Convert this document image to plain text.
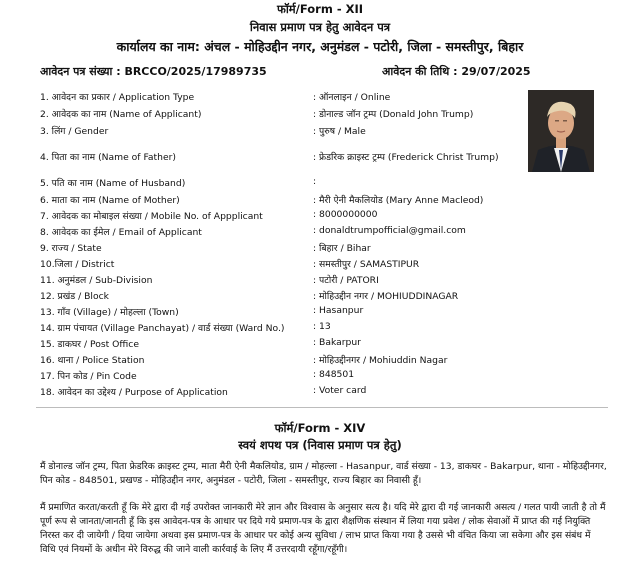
फॉर्म/Form - XII
निवास प्रमाण पत्र हेतु आवेदन पत्र
कार्यालय का नाम: अंचल - मोहिउद्दीन नगर, अनुमंडल - पटोरी, जिला - समस्तीपुर, बिहार
आवेदन पत्र संख्या : BRCCO/2025/17989735	आवेदन की तिथि : 29/07/2025
1. आवेदन का प्रकार / Application Type	: ऑनलाइन / Online
2. आवेदक का नाम (Name of Applicant)	: डोनाल्ड जॉन ट्रम्प (Donald John Trump)
3. लिंग / Gender	: पुरुष / Male
4. पिता का नाम (Name of Father)	: फ्रेडरिक क्राइस्ट ट्रम्प (Frederick Christ Trump)
5. पति का नाम (Name of Husband)	:
6. माता का नाम (Name of Mother)	: मैरी ऐनी मैकलियोड (Mary Anne Macleod)
7. आवेदक का मोबाइल संख्या / Mobile No. of Appplicant	: 8000000000
8. आवेदक का ईमेल / Email of Applicant	: donaldtrumpofficial@gmail.com
9. राज्य / State	: बिहार / Bihar
10.जिला / District	: समस्तीपुर / SAMASTIPUR
11. अनुमंडल / Sub-Division	: पटोरी / PATORI
12. प्रखंड / Block	: मोहिउद्दीन नगर / MOHIUDDINAGAR
13. गाँव (Village) / मोहल्ला (Town)	: Hasanpur
14. ग्राम पंचायत (Village Panchayat) / वार्ड संख्या (Ward No.)	: 13
15. डाकघर / Post Office	: Bakarpur
16. थाना / Police Station	: मोहिउद्दीनगर / Mohiuddin Nagar
17. पिन कोड / Pin Code	: 848501
18. आवेदन का उद्देश्य / Purpose of Application	: Voter card
फॉर्म/Form - XIV
स्वयं शपथ पत्र (निवास प्रमाण पत्र हेतु)
मैं डोनाल्ड जॉन ट्रम्प, पिता फ्रेडरिक क्राइस्ट ट्रम्प, माता मैरी ऐनी मैकलियोड, ग्राम / मोहल्ला - Hasanpur, वार्ड संख्या - 13, डाकघर - Bakarpur, थाना - मोहिउद्दीनगर, पिन कोड - 848501, प्रखण्ड - मोहिउद्दीन नगर, अनुमंडल - पटोरी, जिला - समस्तीपुर, राज्य बिहार का निवासी हूँ।
मैं प्रमाणित करता/करती हूँ कि मेरे द्वारा दी गई उपरोक्त जानकारी मेरे ज्ञान और विश्वास के अनुसार सत्य है। यदि मेरे द्वारा दी गई जानकारी असत्य / गलत पायी जाती है तो मैं पूर्ण रूप से जानता/जानती हूँ कि इस आवेदन-पत्र के आधार पर दिये गये प्रमाण-पत्र के द्वारा शैक्षणिक संस्थान में लिया गया प्रवेश / लोक सेवाओं में प्राप्त की गई नियुक्ति निरस्त कर दी जायेगी / दिया जायेगा अथवा इस प्रमाण-पत्र के आधार पर कोई अन्य सुविधा / लाभ प्राप्त किया गया है उससे भी वंचित किया जा सकेगा और इस संबंध में विधि एवं नियमों के अधीन मेरे विरुद्ध की जाने वाली कार्रवाई के लिए मैं उत्तरदायी रहूँगा/रहूँगी।
